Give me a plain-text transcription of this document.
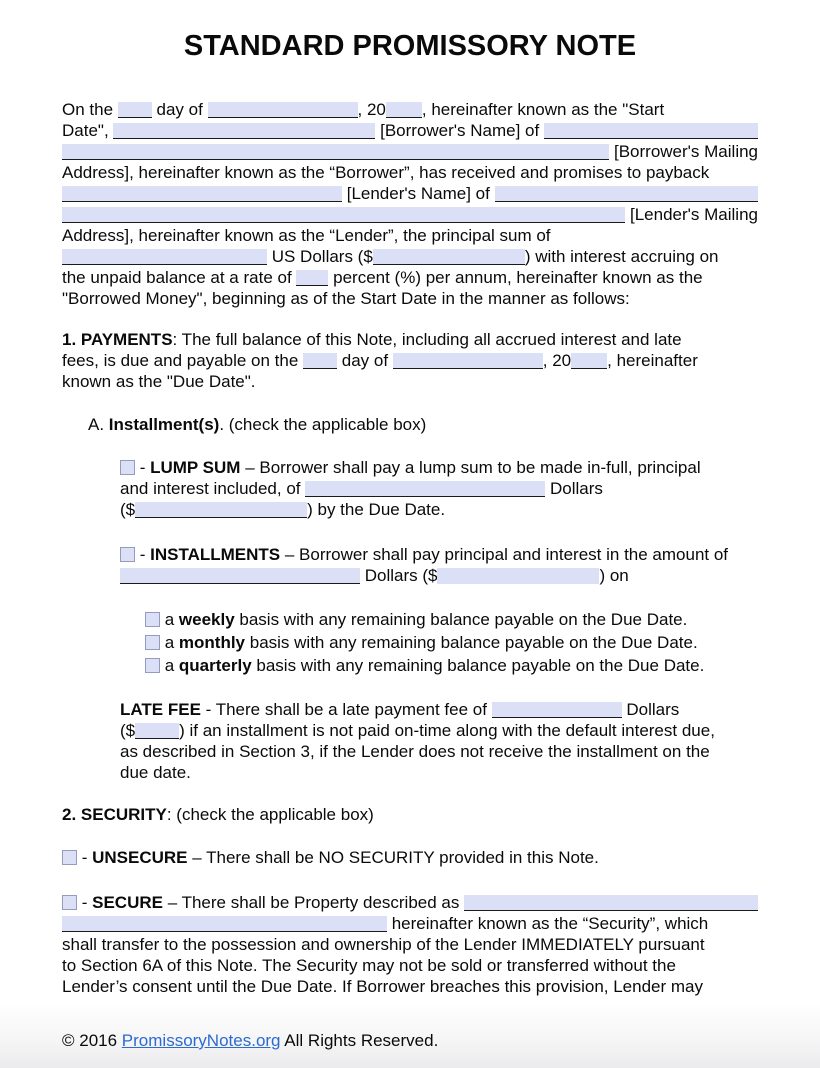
STANDARD PROMISSORY NOTE
On the day of	, 20 , hereinafter known as the "Start
Date",	[Borrower's Name] of
[Borrower's Mailing
Address], hereinafter known as the “Borrower”, has received and promises to payback
[Lender's Name] of
[Lender's Mailing
Address], hereinafter known as the “Lender”, the principal sum of
US Dollars ($	) with interest accruing on
the unpaid balance at a rate of percent (%) per annum, hereinafter known as the
"Borrowed Money", beginning as of the Start Date in the manner as follows:
1. PAYMENTS : The full balance of this Note, including all accrued interest and late
fees, is due and payable on the day of	, 20 , hereinafter
known as the "Due Date".
A. Installment(s) . (check the applicable box)
- LUMP SUM – Borrower shall pay a lump sum to be made in-full, principal
and interest included, of	Dollars
($	) by the Due Date.
- INSTALLMENTS – Borrower shall pay principal and interest in the amount of
Dollars ($	) on
a weekly basis with any remaining balance payable on the Due Date.
a monthly basis with any remaining balance payable on the Due Date.
a quarterly basis with any remaining balance payable on the Due Date.
LATE FEE - There shall be a late payment fee of	Dollars
($	) if an installment is not paid on-time along with the default interest due,
as described in Section 3, if the Lender does not receive the installment on the
due date.
2. SECURITY : (check the applicable box)
- UNSECURE – There shall be NO SECURITY provided in this Note.
- SECURE – There shall be Property described as
hereinafter known as the “Security”, which
shall transfer to the possession and ownership of the Lender IMMEDIATELY pursuant
to Section 6A of this Note. The Security may not be sold or transferred without the
Lender’s consent until the Due Date. If Borrower breaches this provision, Lender may
© 2016 PromissoryNotes.org All Rights Reserved.
